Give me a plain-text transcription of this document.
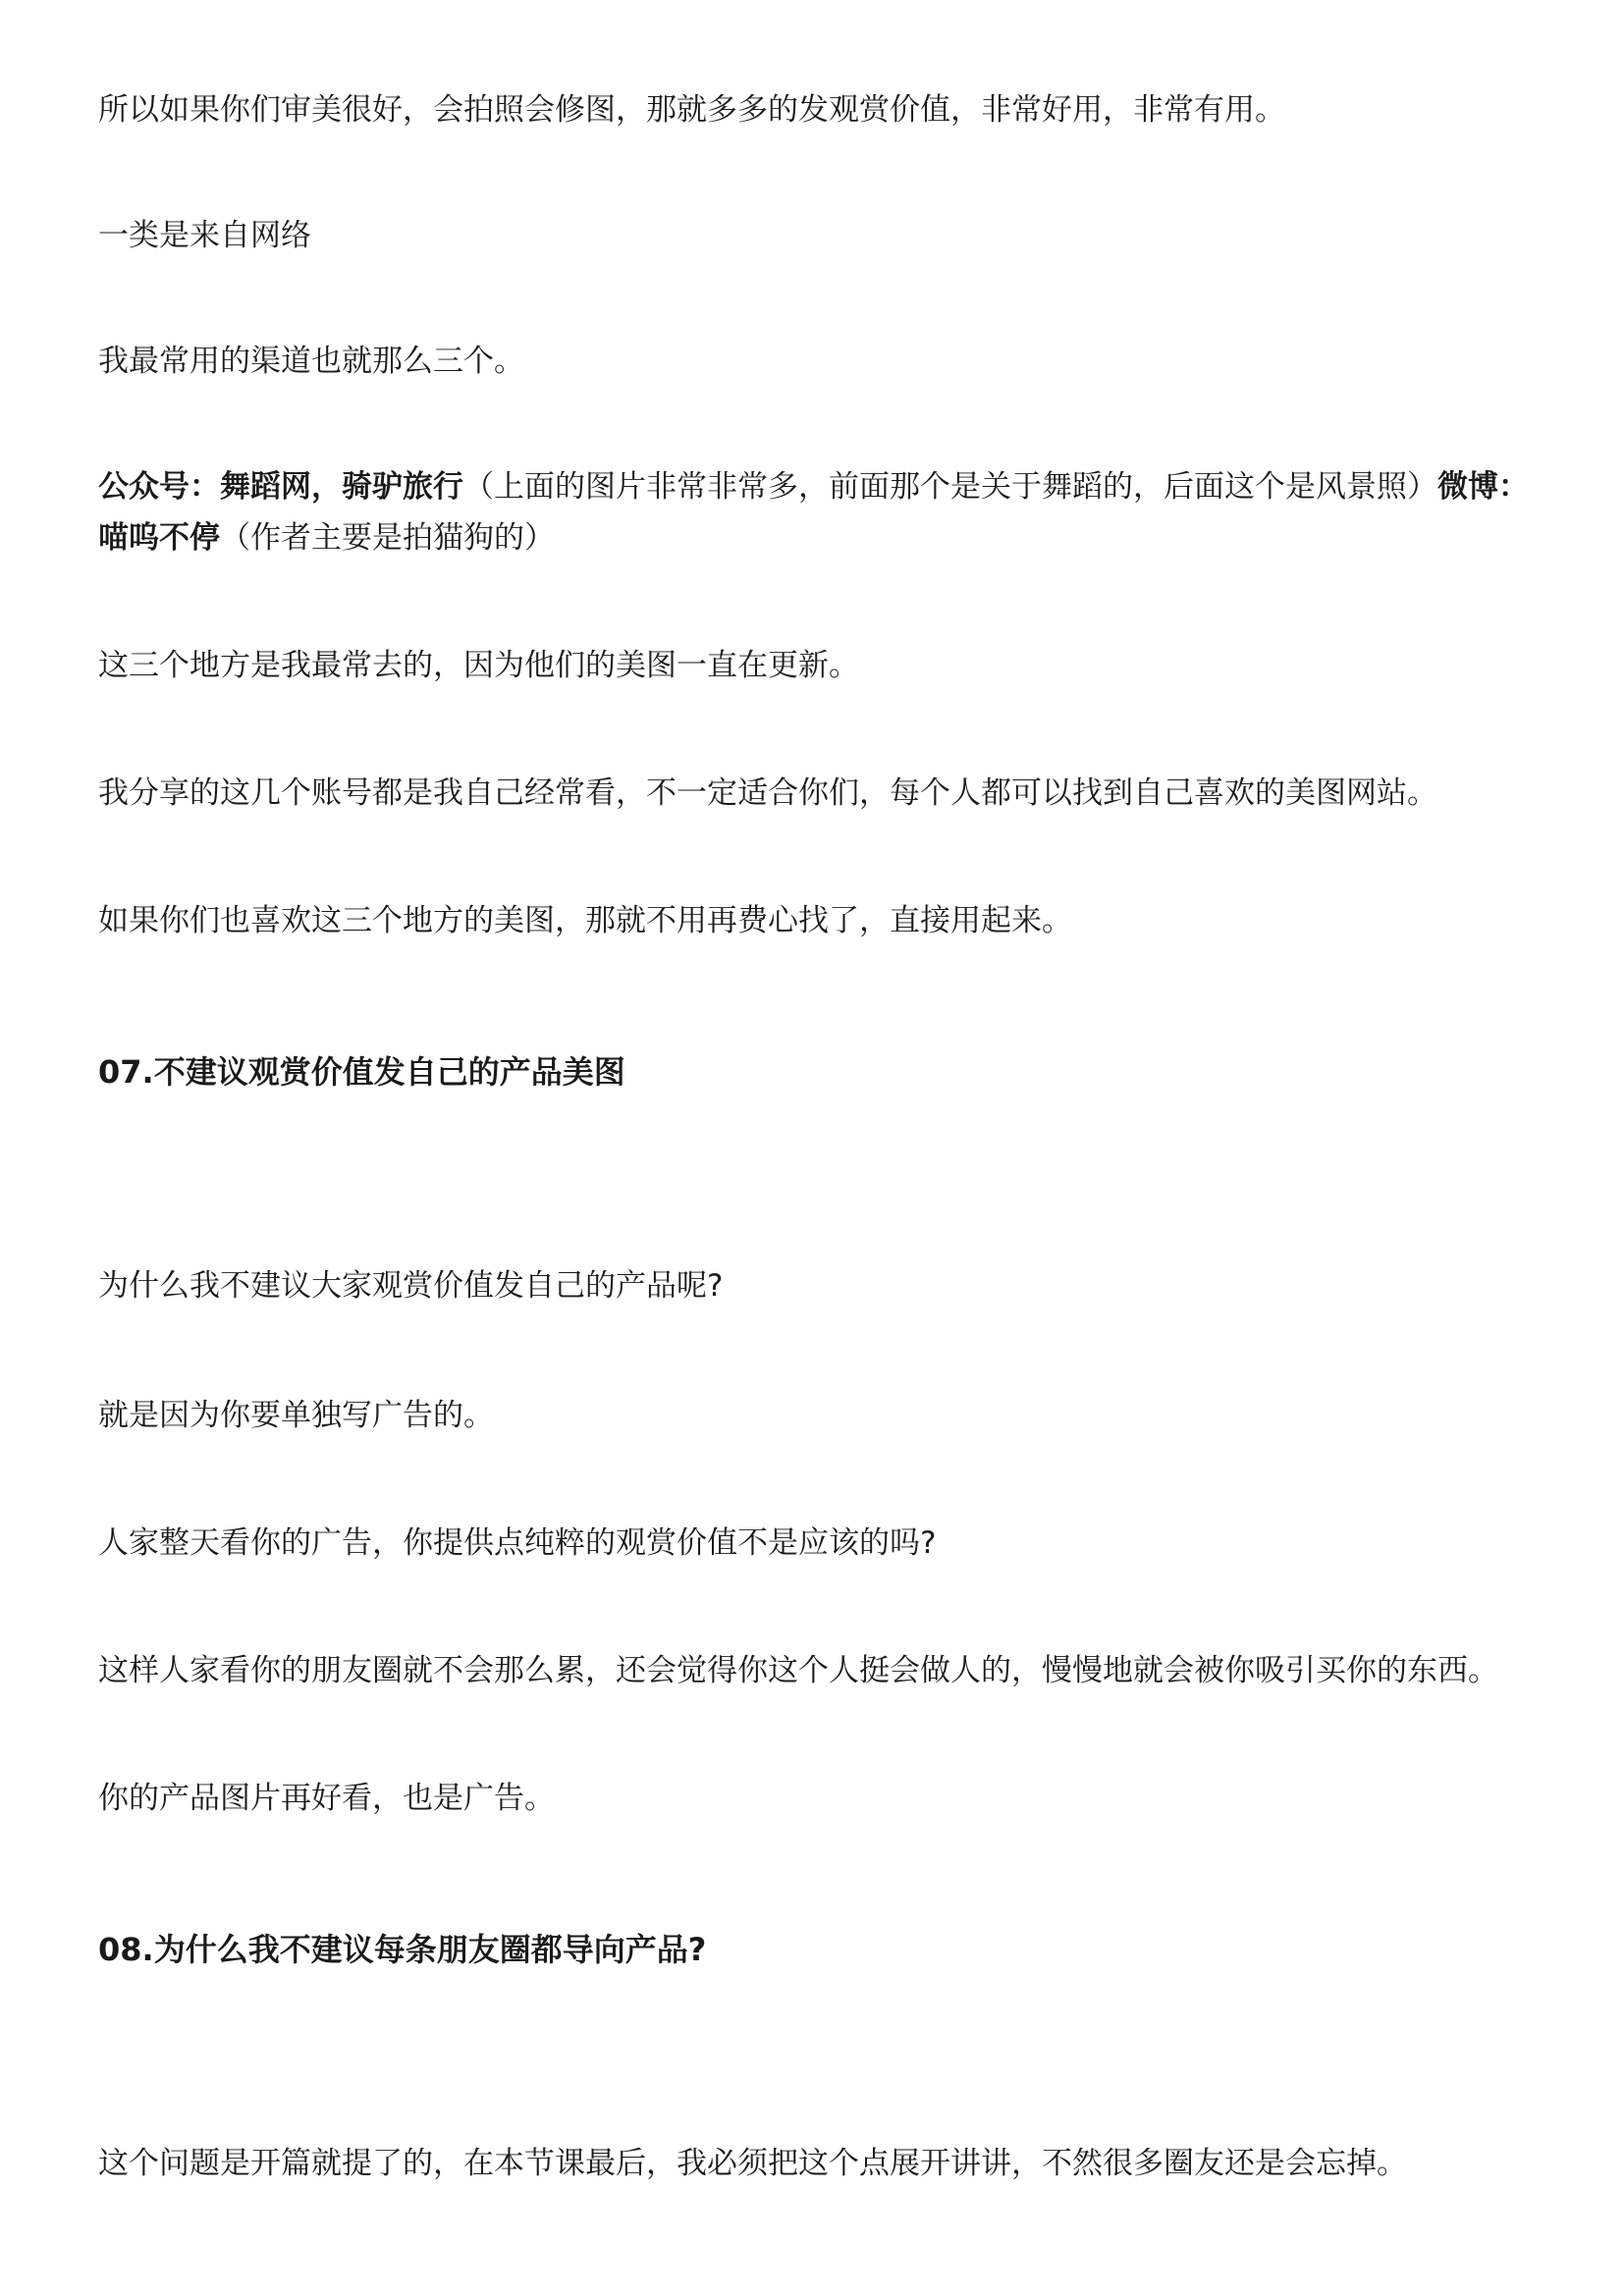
所以如果你们审美很好，会拍照会修图，那就多多的发观赏价值，非常好用，非常有用。

一类是来自网络

我最常用的渠道也就那么三个。

公众号：舞蹈网，骑驴旅行（上面的图片非常非常多，前面那个是关于舞蹈的，后面这个是风景照）微博：喵呜不停（作者主要是拍猫狗的）

这三个地方是我最常去的，因为他们的美图一直在更新。

我分享的这几个账号都是我自己经常看，不一定适合你们，每个人都可以找到自己喜欢的美图网站。

如果你们也喜欢这三个地方的美图，那就不用再费心找了，直接用起来。

07.不建议观赏价值发自己的产品美图

为什么我不建议大家观赏价值发自己的产品呢?

就是因为你要单独写广告的。

人家整天看你的广告，你提供点纯粹的观赏价值不是应该的吗?

这样人家看你的朋友圈就不会那么累，还会觉得你这个人挺会做人的，慢慢地就会被你吸引买你的东西。

你的产品图片再好看，也是广告。

08.为什么我不建议每条朋友圈都导向产品?

这个问题是开篇就提了的，在本节课最后，我必须把这个点展开讲讲，不然很多圈友还是会忘掉。
